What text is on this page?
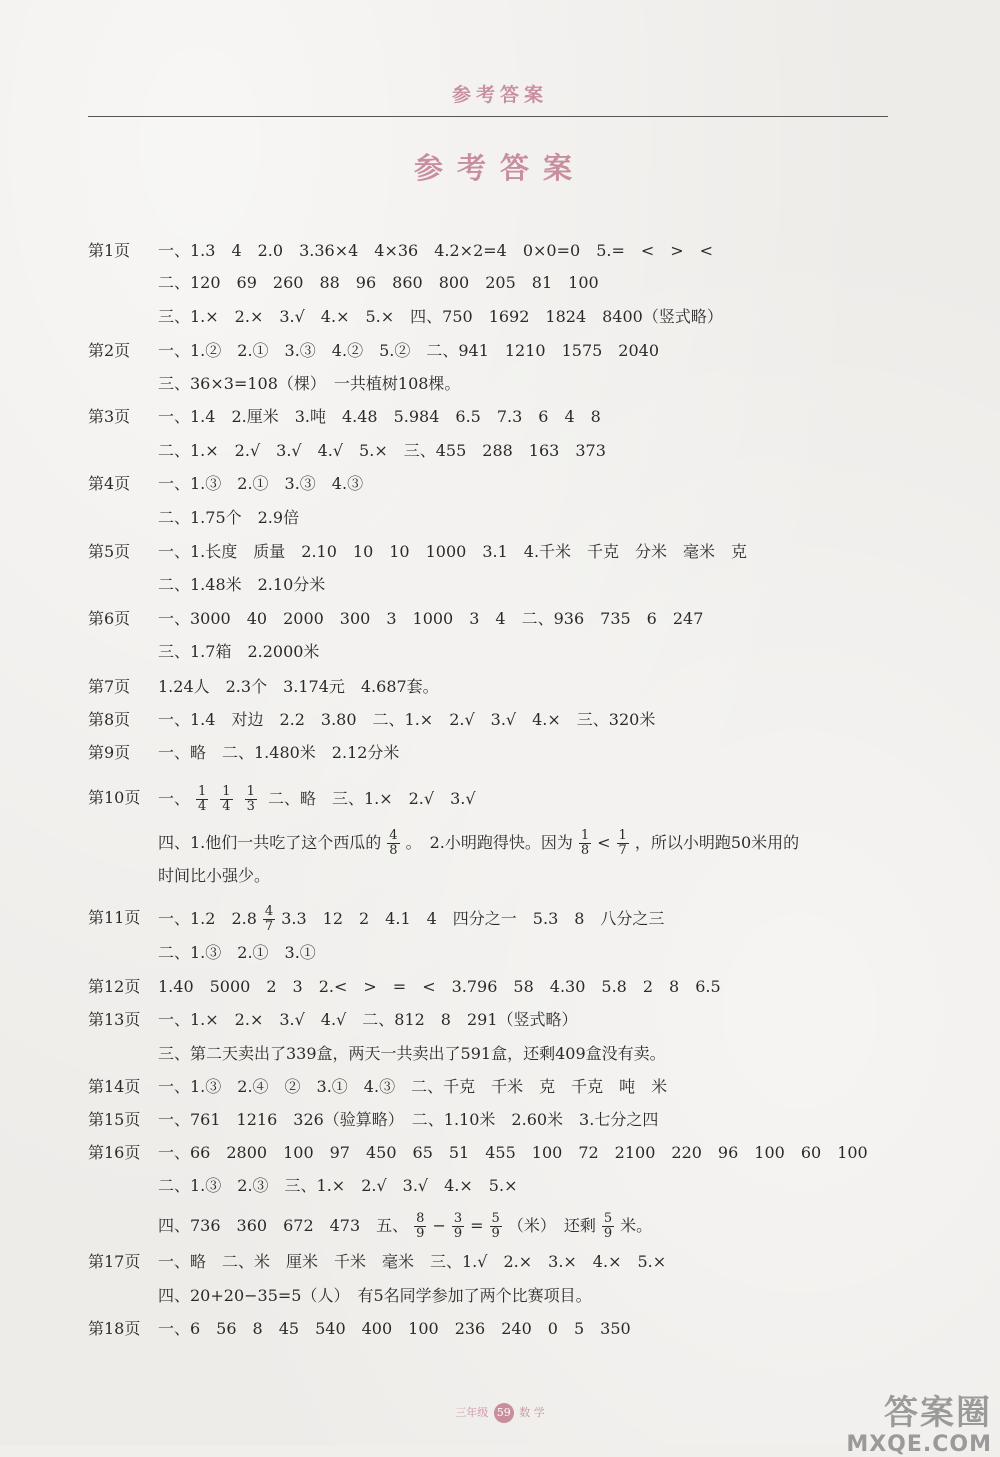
参考答案
参考答案
第1页 一、1.3　4　2.0　3.36×4　4×36　4.2×2=4　0×0=0　5.=　<　>　<
二、120　69　260　88　96　860　800　205　81　100
三、1.×　2.×　3.√　4.×　5.×　四、750　1692　1824　8400（竖式略）
第2页 一、1.②　2.①　3.③　4.②　5.②　二、941　1210　1575　2040
三、36×3=108（棵）　一共植树108棵。
第3页 一、1.4　2.厘米　3.吨　4.48　5.984　6.5　7.3　6　4　8
二、1.×　2.√　3.√　4.√　5.×　三、455　288　163　373
第4页 一、1.③　2.①　3.③　4.③
二、1.75个　2.9倍
第5页 一、1.长度　质量　2.10　10　10　1000　3.1　4.千米　千克　分米　毫米　克
二、1.48米　2.10分米
第6页 一、3000　40　2000　300　3　1000　3　4　二、936　735　6　247
三、1.7箱　2.2000米
第7页 1.24人　2.3个　3.174元　4.687套。
第8页 一、1.4　对边　2.2　3.80　二、1.×　2.√　3.√　4.×　三、320米
第9页 一、略　二、1.480米　2.12分米
第10页 一、 $\frac{1}{4} \frac{1}{4} \frac{1}{3}$ 二、略　三、1.×　2.√　3.√
四、1.他们一共吃了这个西瓜的 $\frac{4}{8}$ 。　2.小明跑得快。因为 $\frac{1}{8} < \frac{1}{7}$ ，所以小明跑50米用的
时间比小强少。
第11页 一、1.2　$2.8 \frac{4}{7} 3.3$　12　2　4.1　4　四分之一　5.3　8　八分之三
二、1.③　2.①　3.①
第12页 1.40　5000　2　3　2.<　>　=　<　3.796　58　4.30　5.8　2　8　6.5
第13页 一、1.×　2.×　3.√　4.√　二、812　8　291（竖式略）
三、第二天卖出了339盒，两天一共卖出了591盒，还剩409盒没有卖。
第14页 一、1.③　2.④　②　3.①　4.③　二、千克　千米　克　千克　吨　米
第15页 一、761　1216　326（验算略）　二、1.10米　2.60米　3.七分之四
第16页 一、66　2800　100　97　450　65　51　455　100　72　2100　220　96　100　60　100
二、1.③　2.③　三、1.×　2.√　3.√　4.×　5.×
四、736　360　672　473　五、 $\frac{8}{9} - \frac{3}{9} = \frac{5}{9}$ （米）　还剩 $\frac{5}{9}$ 米。
第17页 一、略　二、米　厘米　千米　毫米　三、1.√　2.×　3.×　4.×　5.×
四、20+20−35=5（人）　有5名同学参加了两个比赛项目。
第18页 一、6　56　8　45　540　400　100　236　240　0　5　350
三年级 59 数 学	答案圈
MXQE.COM
